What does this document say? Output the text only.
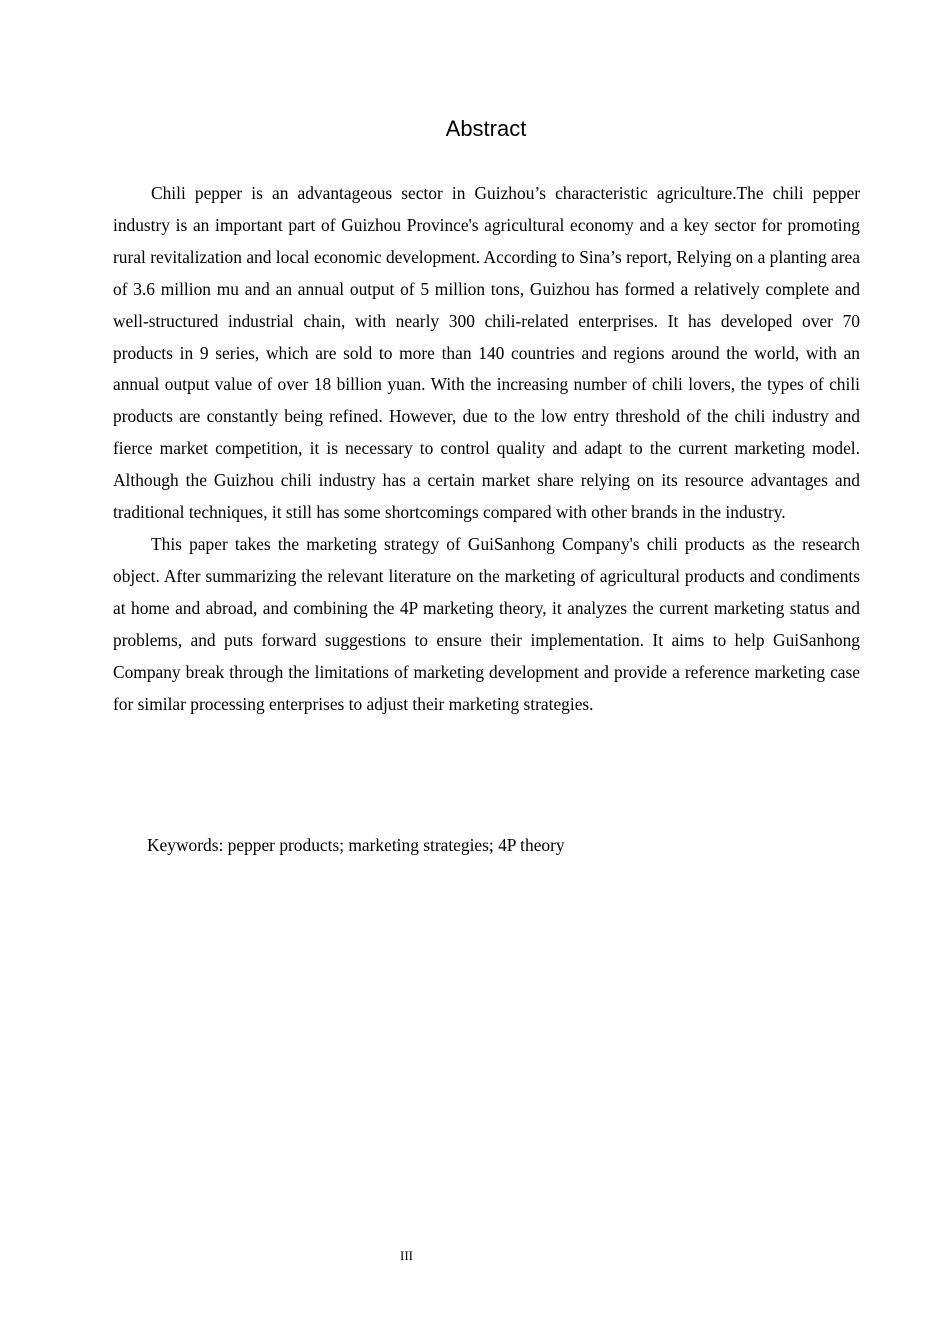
Abstract

Chili pepper is an advantageous sector in Guizhou’s characteristic agriculture.The chili pepper industry is an important part of Guizhou Province's agricultural economy and a key sector for promoting rural revitalization and local economic development. According to Sina’s report, Relying on a planting area of 3.6 million mu and an annual output of 5 million tons, Guizhou has formed a relatively complete and well-structured industrial chain, with nearly 300 chili-related enterprises. It has developed over 70 products in 9 series, which are sold to more than 140 countries and regions around the world, with an annual output value of over 18 billion yuan. With the increasing number of chili lovers, the types of chili products are constantly being refined. However, due to the low entry threshold of the chili industry and fierce market competition, it is necessary to control quality and adapt to the current marketing model. Although the Guizhou chili industry has a certain market share relying on its resource advantages and traditional techniques, it still has some shortcomings compared with other brands in the industry.

This paper takes the marketing strategy of GuiSanhong Company's chili products as the research object. After summarizing the relevant literature on the marketing of agricultural products and condiments at home and abroad, and combining the 4P marketing theory, it analyzes the current marketing status and problems, and puts forward suggestions to ensure their implementation. It aims to help GuiSanhong Company break through the limitations of marketing development and provide a reference marketing case for similar processing enterprises to adjust their marketing strategies.

Keywords: pepper products; marketing strategies; 4P theory

III
